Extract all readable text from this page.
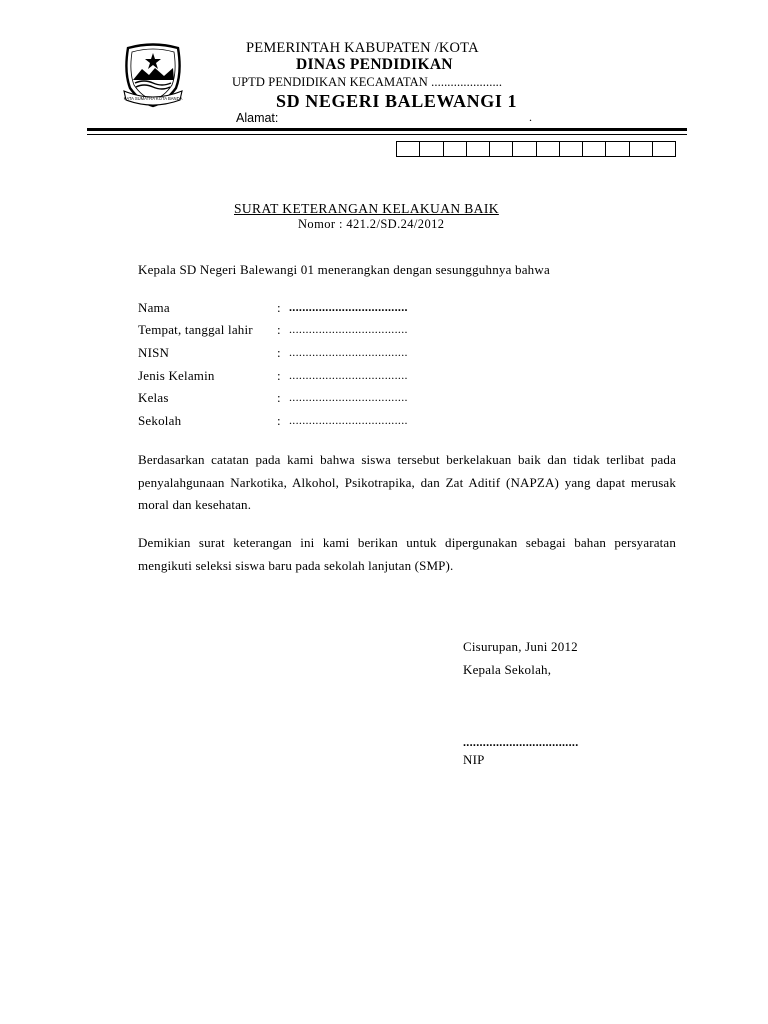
KATA SUMATRA KOTA BANDA
PEMERINTAH KABUPATEN /KOTA
DINAS PENDIDIKAN
UPTD PENDIDIKAN KECAMATAN ......................
SD NEGERI BALEWANGI 1
Alamat:	.
SURAT KETERANGAN KELAKUAN BAIK
Nomor : 421.2/SD.24/2012
Kepala SD Negeri Balewangi 01 menerangkan dengan sesungguhnya bahwa
Nama	: ....................................
Tempat, tanggal lahir : ....................................
NISN	: ....................................
Jenis Kelamin	: ....................................
Kelas	: ....................................
Sekolah	: ....................................
Berdasarkan catatan pada kami bahwa siswa tersebut berkelakuan baik dan tidak terlibat pada penyalahgunaan Narkotika, Alkohol, Psikotrapika, dan Zat Aditif (NAPZA) yang dapat merusak moral dan kesehatan.
Demikian surat keterangan ini kami berikan untuk dipergunakan sebagai bahan persyaratan mengikuti seleksi siswa baru pada sekolah lanjutan (SMP).
Cisurupan, Juni 2012
Kepala Sekolah,
...................................
NIP
